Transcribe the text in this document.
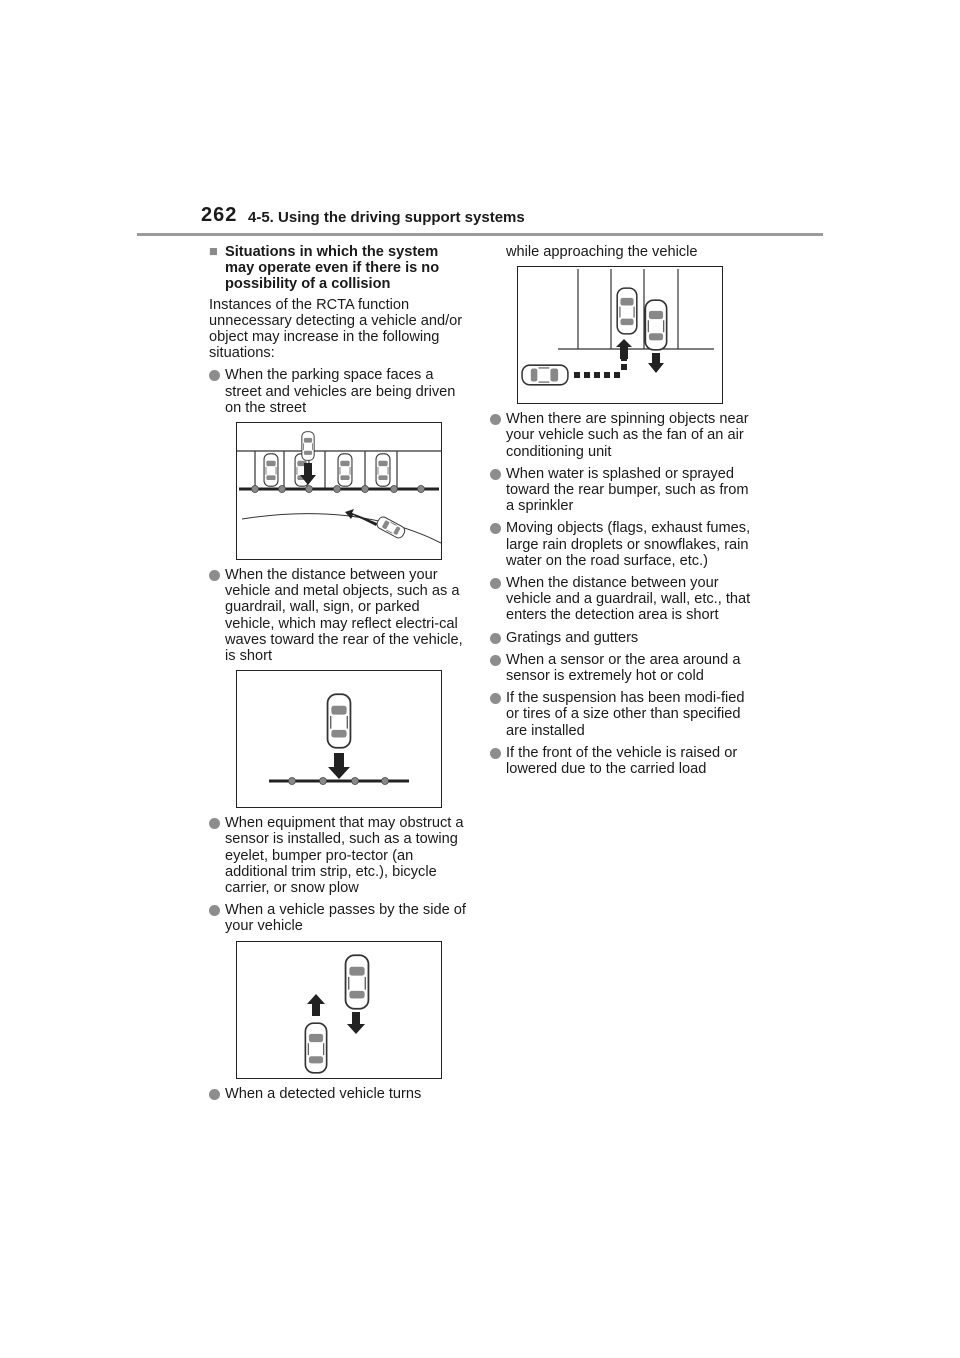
262 4-5. Using the driving support systems
■ Situations in which the system may operate even if there is no possibility of a collision

Instances of the RCTA function unnecessary detecting a vehicle and/or object may increase in the following situations:

When the parking space faces a street and vehicles are being driven on the street
When the distance between your vehicle and metal objects, such as a guardrail, wall, sign, or parked vehicle, which may reflect electri-cal waves toward the rear of the vehicle, is short
When equipment that may obstruct a sensor is installed, such as a towing eyelet, bumper pro-tector (an additional trim strip, etc.), bicycle carrier, or snow plow
When a vehicle passes by the side of your vehicle
When a detected vehicle turns
while approaching the vehicle
When there are spinning objects near your vehicle such as the fan of an air conditioning unit
When water is splashed or sprayed toward the rear bumper, such as from a sprinkler
Moving objects (flags, exhaust fumes, large rain droplets or snowflakes, rain water on the road surface, etc.)
When the distance between your vehicle and a guardrail, wall, etc., that enters the detection area is short
Gratings and gutters
When a sensor or the area around a sensor is extremely hot or cold
If the suspension has been modi-fied or tires of a size other than specified are installed
If the front of the vehicle is raised or lowered due to the carried load
